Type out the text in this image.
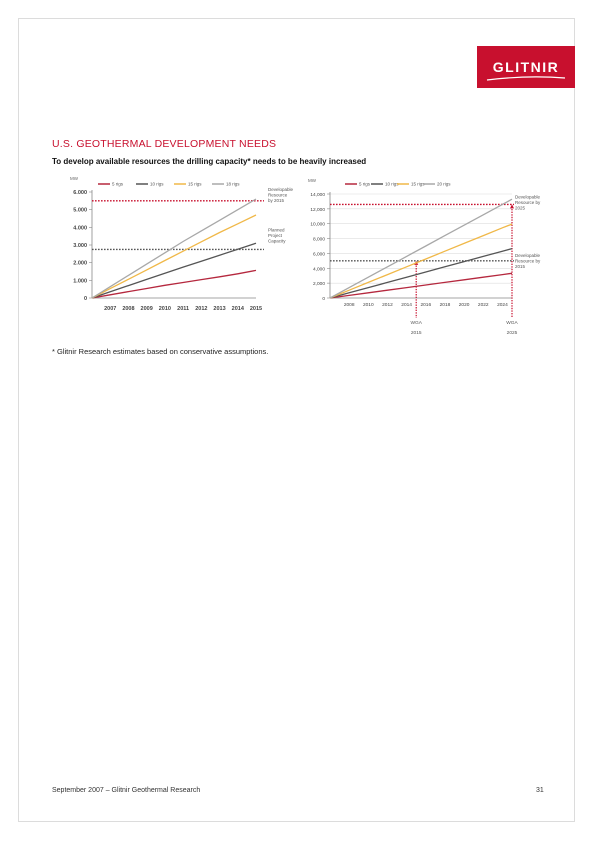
GLITNIR
U.S. GEOTHERMAL DEVELOPMENT NEEDS
To develop available resources the drilling capacity* needs to be heavily increased
0
1.000
2.000
3.000
4.000
5.000
6.000
2007 2008 2009 2010 2011 2012 2013 2014 2015
MW
Developable Resource by 2015
Planned Project Capacity
5 rigs	10 rigs	15 rigs	18 rigs
0
2,000
4,000
6,000
8,000
10,000
12,000
14,000
2008 2010 2012 2014 2016 2018 2020 2022 2024
MW
Developable Resource by 2025
Developable Resource by 2015
WGA 2015
WGA 2025
5 rigs	10 rigs	15 rigs	20 rigs
* Glitnir Research estimates based on conservative assumptions.
September 2007 – Glitnir Geothermal Research	31
